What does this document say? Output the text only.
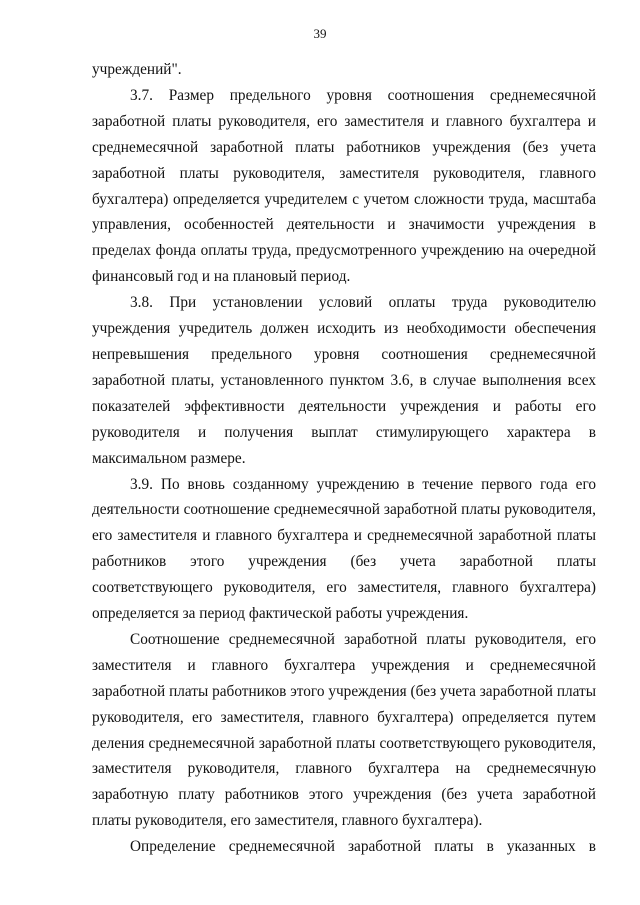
39

учреждений".

3.7. Размер предельного уровня соотношения среднемесячной заработной платы руководителя, его заместителя и главного бухгалтера и среднемесячной заработной платы работников учреждения (без учета заработной платы руководителя, заместителя руководителя, главного бухгалтера) определяется учредителем с учетом сложности труда, масштаба управления, особенностей деятельности и значимости учреждения в пределах фонда оплаты труда, предусмотренного учреждению на очередной финансовый год и на плановый период.

3.8. При установлении условий оплаты труда руководителю учреждения учредитель должен исходить из необходимости обеспечения непревышения предельного уровня соотношения среднемесячной заработной платы, установленного пунктом 3.6, в случае выполнения всех показателей эффективности деятельности учреждения и работы его руководителя и получения выплат стимулирующего характера в максимальном размере.

3.9. По вновь созданному учреждению в течение первого года его деятельности соотношение среднемесячной заработной платы руководителя, его заместителя и главного бухгалтера и среднемесячной заработной платы работников этого учреждения (без учета заработной платы соответствующего руководителя, его заместителя, главного бухгалтера) определяется за период фактической работы учреждения.

Соотношение среднемесячной заработной платы руководителя, его заместителя и главного бухгалтера учреждения и среднемесячной заработной платы работников этого учреждения (без учета заработной платы руководителя, его заместителя, главного бухгалтера) определяется путем деления среднемесячной заработной платы соответствующего руководителя, заместителя руководителя, главного бухгалтера на среднемесячную заработную плату работников этого учреждения (без учета заработной платы руководителя, его заместителя, главного бухгалтера).

Определение среднемесячной заработной платы в указанных в
